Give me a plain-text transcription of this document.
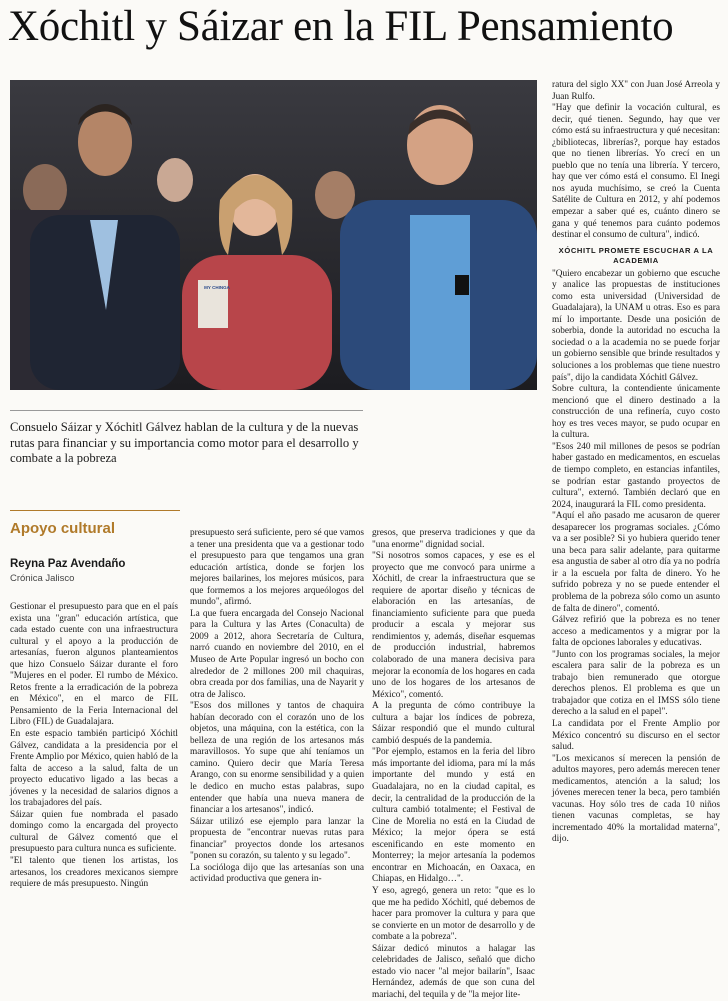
Xóchitl y Sáizar en la FIL Pensamiento
MY CHINGA
Consuelo Sáizar y Xóchitl Gálvez hablan de la cultura y de la nuevas rutas para financiar y su importancia como motor para el desarrollo y combate a la pobreza
Apoyo cultural
Reyna Paz Avendaño
Crónica Jalisco

Gestionar el presupuesto para que en el país exista una "gran" educación artística, que cada estado cuente con una infraestructura cultural y el apoyo a la producción de artesanías, fueron algunos planteamientos que hizo Consuelo Sáizar durante el foro "Mujeres en el poder. El rumbo de México. Retos frente a la erradicación de la pobreza en México", en el marco de FIL Pensamiento de la Feria Internacional del Libro (FIL) de Guadalajara.

En este espacio también participó Xóchitl Gálvez, candidata a la presidencia por el Frente Amplio por México, quien habló de la falta de acceso a la salud, falta de un proyecto educativo ligado a las becas a jóvenes y la necesidad de salarios dignos a los trabajadores del país.

Sáizar quien fue nombrada el pasado domingo como la encargada del proyecto cultural de Gálvez comentó que el presupuesto para cultura nunca es suficiente.

"El talento que tienen los artistas, los artesanos, los creadores mexicanos siempre requiere de más presupuesto. Ningún

presupuesto será suficiente, pero sé que vamos a tener una presidenta que va a gestionar todo el presupuesto para que tengamos una gran educación artística, donde se forjen los mejores bailarines, los mejores músicos, para que formemos a los mejores arqueólogos del mundo", afirmó.

La que fuera encargada del Consejo Nacional para la Cultura y las Artes (Conaculta) de 2009 a 2012, ahora Secretaría de Cultura, narró cuando en noviembre del 2010, en el Museo de Arte Popular ingresó un bocho con alrededor de 2 millones 200 mil chaquiras, obra creada por dos familias, una de Nayarit y otra de Jalisco.

"Esos dos millones y tantos de chaquira habían decorado con el corazón uno de los objetos, una máquina, con la estética, con la belleza de una región de los artesanos más maravillosos. Yo supe que ahí teníamos un camino. Quiero decir que María Teresa Arango, con su enorme sensibilidad y a quien le dedico en mucho estas palabras, supo entender que había una nueva manera de financiar a los artesanos", indicó.

Sáizar utilizó ese ejemplo para lanzar la propuesta de "encontrar nuevas rutas para financiar" proyectos donde los artesanos "ponen su corazón, su talento y su legado".

La socióloga dijo que las artesanías son una actividad productiva que genera in-

gresos, que preserva tradiciones y que da "una enorme" dignidad social.

"Si nosotros somos capaces, y ese es el proyecto que me convocó para unirme a Xóchitl, de crear la infraestructura que se requiere de aportar diseño y técnicas de elaboración en las artesanías, de financiamiento suficiente para que pueda producir a escala y mejorar sus rendimientos y, además, diseñar esquemas de producción industrial, habremos colaborado de una manera decisiva para mejorar la economía de los hogares en cada uno de los hogares de los artesanos de México", comentó.

A la pregunta de cómo contribuye la cultura a bajar los índices de pobreza, Sáizar respondió que el mundo cultural cambió después de la pandemia.

"Por ejemplo, estamos en la feria del libro más importante del idioma, para mí la más importante del mundo y está en Guadalajara, no en la ciudad capital, es decir, la centralidad de la producción de la cultura cambió totalmente; el Festival de Cine de Morelia no está en la Ciudad de México; la mejor ópera se está escenificando en este momento en Monterrey; la mejor artesanía la podemos encontrar en Michoacán, en Oaxaca, en Chiapas, en Hidalgo…".

Y eso, agregó, genera un reto: "que es lo que me ha pedido Xóchitl, qué debemos de hacer para promover la cultura y para que se convierte en un motor de desarrollo y de combate a la pobreza".

Sáizar dedicó minutos a halagar las celebridades de Jalisco, señaló que dicho estado vio nacer "al mejor bailarín", Isaac Hernández, además de que son cuna del mariachi, del tequila y de "la mejor lite-

ratura del siglo XX" con Juan José Arreola y Juan Rulfo.

"Hay que definir la vocación cultural, es decir, qué tienen. Segundo, hay que ver cómo está su infraestructura y qué necesitan: ¿bibliotecas, librerías?, porque hay estados que no tienen librerías. Yo crecí en un pueblo que no tenía una librería. Y tercero, hay que ver cómo está el consumo. El Inegi nos ayuda muchísimo, se creó la Cuenta Satélite de Cultura en 2012, y ahí podemos empezar a saber qué es, cuánto dinero se gana y qué tenemos para cuánto podemos destinar el consumo de cultura", indicó.

XÓCHITL PROMETE ESCUCHAR A LA ACADEMIA

"Quiero encabezar un gobierno que escuche y analice las propuestas de instituciones como esta universidad (Universidad de Guadalajara), la UNAM u otras. Eso es para mí lo importante. Desde una posición de soberbia, donde la autoridad no escucha la sociedad o a la academia no se puede forjar un gobierno sensible que brinde resultados y soluciones a los problemas que tiene nuestro país", dijo la candidata Xóchitl Gálvez.

Sobre cultura, la contendiente únicamente mencionó que el dinero destinado a la construcción de una refinería, cuyo costo hoy es tres veces mayor, se pudo ocupar en la cultura.

"Esos 240 mil millones de pesos se podrían haber gastado en medicamentos, en escuelas de tiempo completo, en estancias infantiles, se podrían estar gastando proyectos de cultura", externó. También declaró que en 2024, inaugurará la FIL como presidenta.

"Aquí el año pasado me acusaron de querer desaparecer los programas sociales. ¿Cómo va a ser posible? Si yo hubiera querido tener una beca para salir adelante, para quitarme esa angustia de saber al otro día ya no podría ir a la escuela por falta de dinero. Yo he sufrido pobreza y no se puede entender el problema de la pobreza sólo como un asunto de falta de dinero", comentó.

Gálvez refirió que la pobreza es no tener acceso a medicamentos y a migrar por la falta de opciones laborales y educativas.

"Junto con los programas sociales, la mejor escalera para salir de la pobreza es un trabajo bien remunerado que otorgue derechos plenos. El problema es que un trabajador que cotiza en el IMSS sólo tiene derecho a la salud en el papel".

La candidata por el Frente Amplio por México concentró su discurso en el sector salud.

"Los mexicanos sí merecen la pensión de adultos mayores, pero además merecen tener medicamentos, atención a la salud; los jóvenes merecen tener la beca, pero también vacunas. Hoy sólo tres de cada 10 niños tienen vacunas completas, se hay incrementado 40% la mortalidad materna", dijo.
